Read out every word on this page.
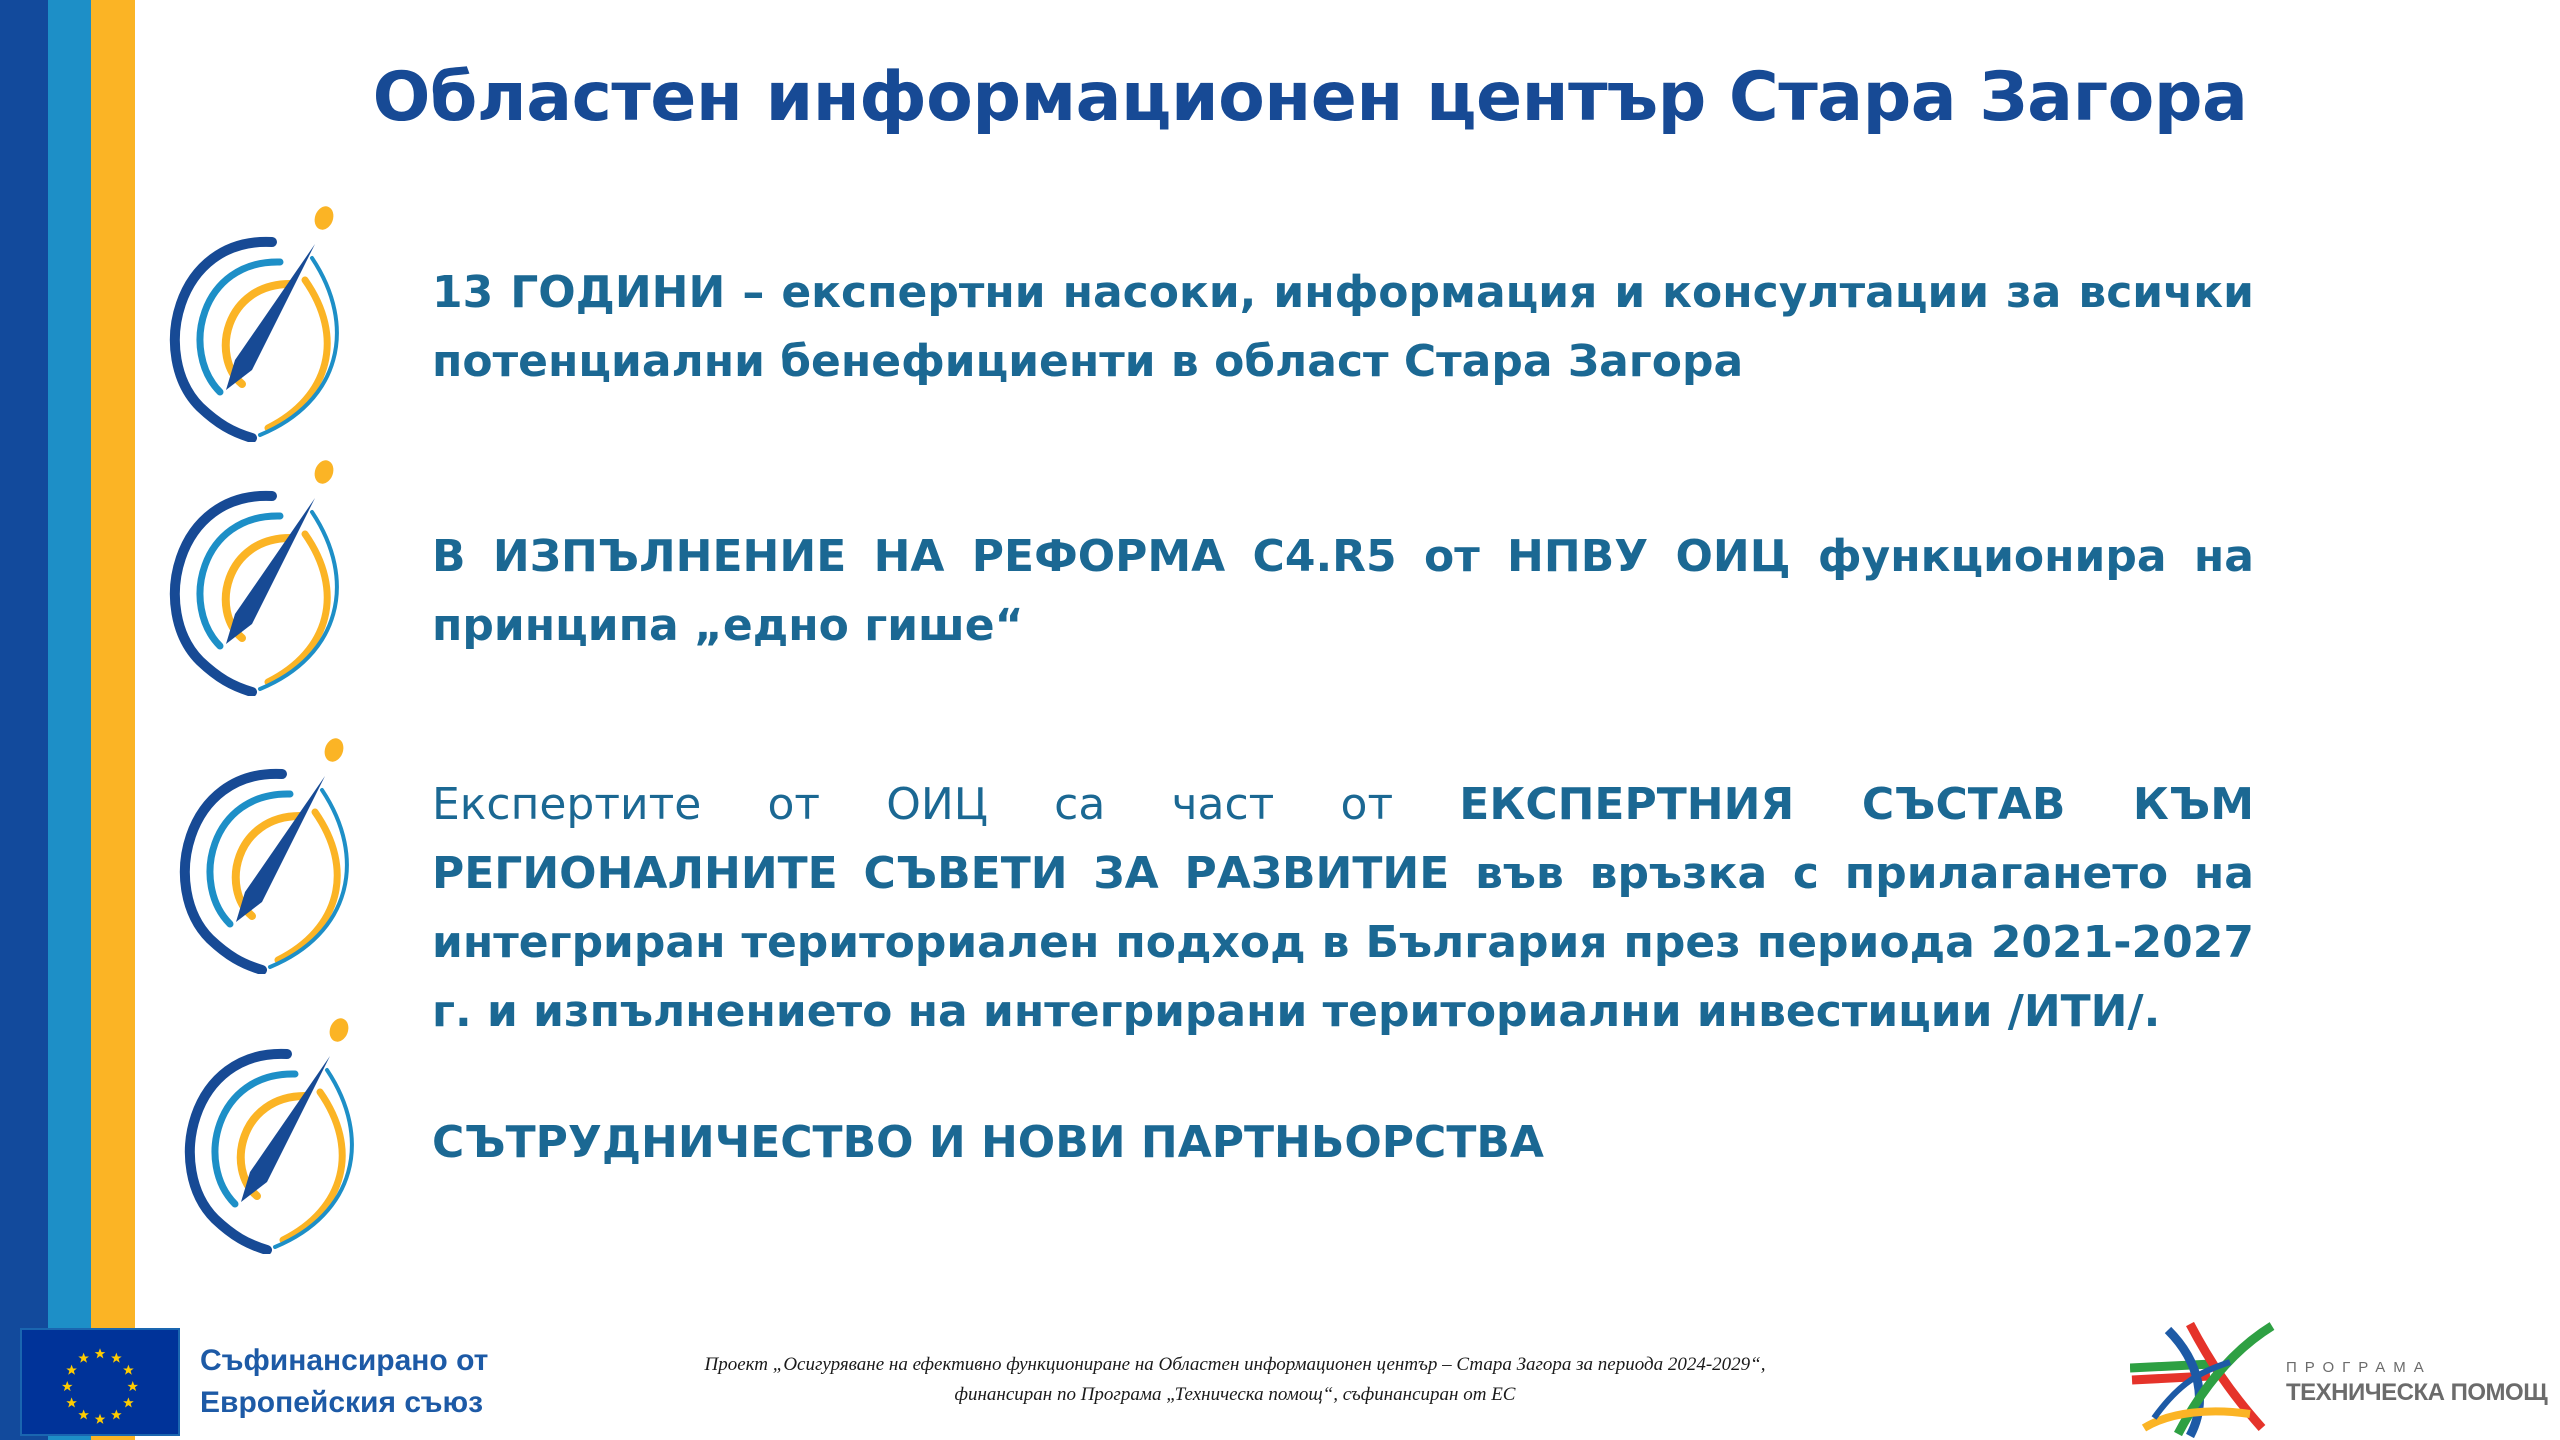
Областен информационен център Стара Загора
13 ГОДИНИ – експертни насоки, информация и консултации за всички потенциални бенефициенти в област Стара Загора
В ИЗПЪЛНЕНИЕ НА РЕФОРМА С4.R5 от НПВУ ОИЦ функционира на принципа „едно гише“
Експертите от ОИЦ са част от ЕКСПЕРТНИЯ СЪСТАВ КЪМ РЕГИОНАЛНИТЕ СЪВЕТИ ЗА РАЗВИТИЕ във връзка с прилагането на интегриран териториален подход в България през периода 2021-2027 г. и изпълнението на интегрирани териториални инвестиции /ИТИ/.
СЪТРУДНИЧЕСТВО И НОВИ ПАРТНЬОРСТВА
Съфинансирано от
Европейския съюз
Проект „Осигуряване на ефективно функциониране на Областен информационен център – Стара Загора за периода 2024-2029“,
финансиран по Програма „Техническа помощ“, съфинансиран от ЕС
ПРОГРАМА
ТЕХНИЧЕСКА ПОМОЩ
